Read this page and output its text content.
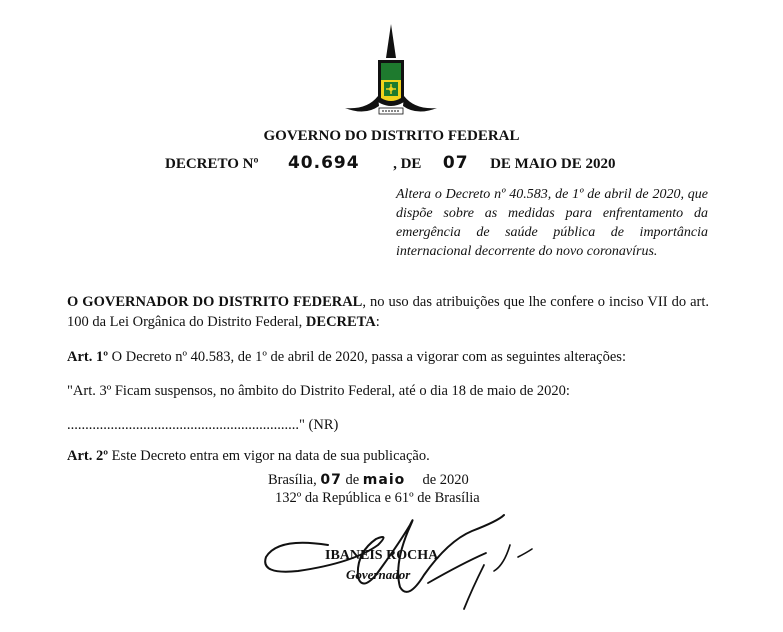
GOVERNO DO DISTRITO FEDERAL
DECRETO Nº 40.694 , DE 07 DE MAIO DE 2020
Altera o Decreto nº 40.583, de 1º de abril de 2020, que dispõe sobre as medidas para enfrentamento da emergência de saúde pública de importância internacional decorrente do novo coronavírus.
O GOVERNADOR DO DISTRITO FEDERAL, no uso das atribuições que lhe confere o inciso VII do art. 100 da Lei Orgânica do Distrito Federal, DECRETA:
Art. 1º O Decreto nº 40.583, de 1º de abril de 2020, passa a vigorar com as seguintes alterações:
"Art. 3º Ficam suspensos, no âmbito do Distrito Federal, até o dia 18 de maio de 2020:
................................................................" (NR)
Art. 2º Este Decreto entra em vigor na data de sua publicação.
Brasília, 07 de maio de 2020
132º da República e 61º de Brasília
IBANEIS ROCHA
Governador
